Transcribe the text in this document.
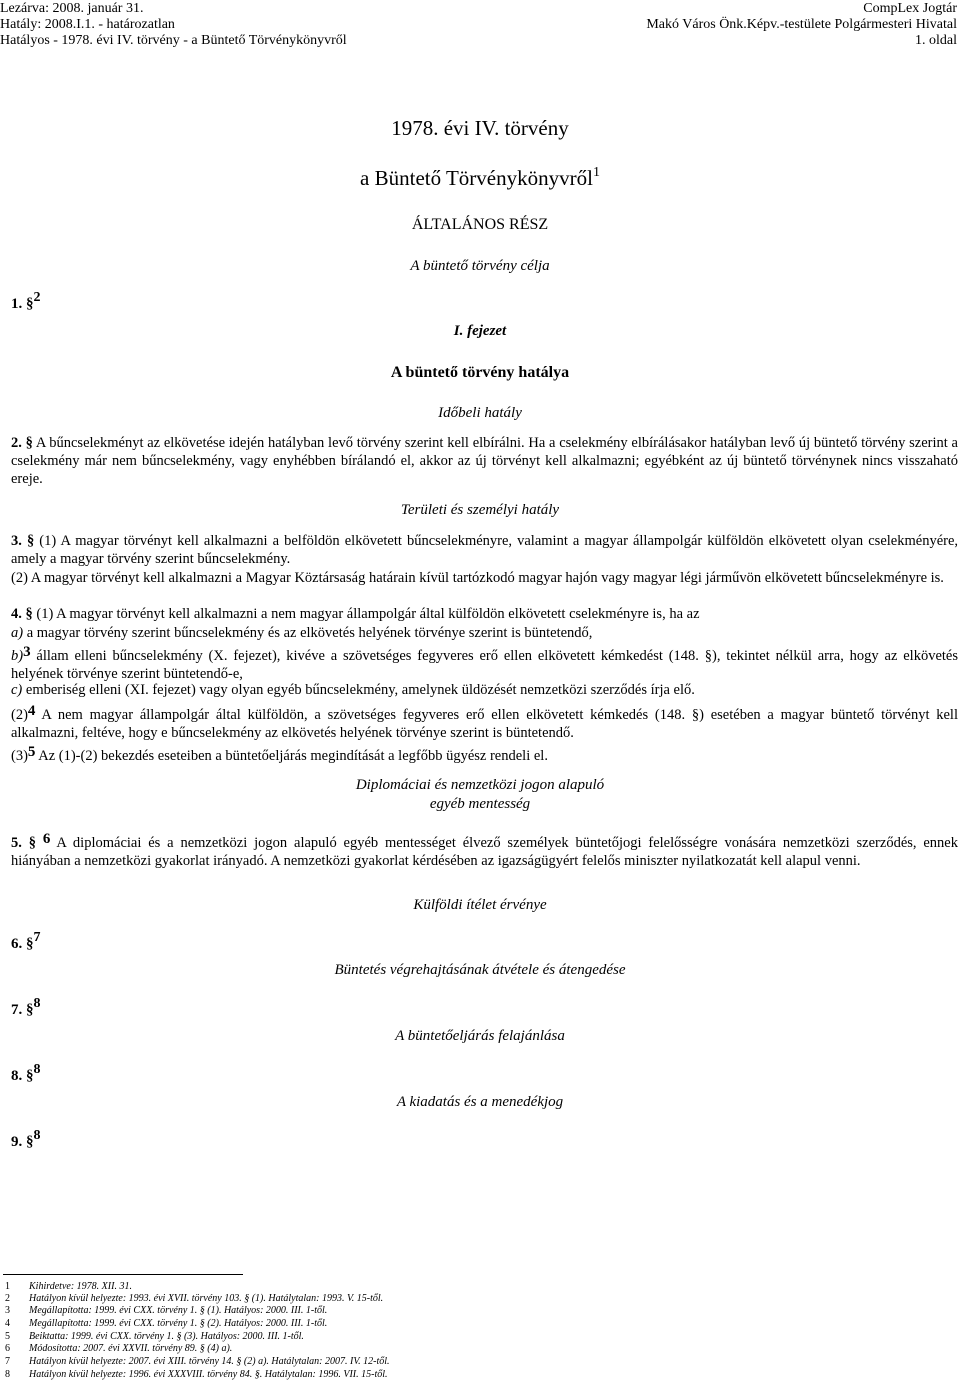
Lezárva: 2008. január 31.
Hatály: 2008.I.1. - határozatlan
Hatályos - 1978. évi IV. törvény - a Büntető Törvénykönyvről
CompLex Jogtár
Makó Város Önk.Képv.-testülete Polgármesteri Hivatal
1. oldal
1978. évi IV. törvény
a Büntető Törvénykönyvről$^1$
ÁLTALÁNOS RÉSZ
A büntető törvény célja
1. §$^2$
I. fejezet
A büntető törvény hatálya
Időbeli hatály
2. § A bűncselekményt az elkövetése idején hatályban levő törvény szerint kell elbírálni. Ha a cselekmény elbírálásakor hatályban levő új büntető törvény szerint a cselekmény már nem bűncselekmény, vagy enyhébben bírálandó el, akkor az új törvényt kell alkalmazni; egyébként az új büntető törvénynek nincs visszaható ereje.
Területi és személyi hatály
3. § (1) A magyar törvényt kell alkalmazni a belföldön elkövetett bűncselekményre, valamint a magyar állampolgár külföldön elkövetett olyan cselekményére, amely a magyar törvény szerint bűncselekmény.
(2) A magyar törvényt kell alkalmazni a Magyar Köztársaság határain kívül tartózkodó magyar hajón vagy magyar légi járművön elkövetett bűncselekményre is.
4. § (1) A magyar törvényt kell alkalmazni a nem magyar állampolgár által külföldön elkövetett cselekményre is, ha az
a) a magyar törvény szerint bűncselekmény és az elkövetés helyének törvénye szerint is büntetendő,
b)$^3$ állam elleni bűncselekmény (X. fejezet), kivéve a szövetséges fegyveres erő ellen elkövetett kémkedést (148. §), tekintet nélkül arra, hogy az elkövetés helyének törvénye szerint büntetendő-e,
c) emberiség elleni (XI. fejezet) vagy olyan egyéb bűncselekmény, amelynek üldözését nemzetközi szerződés írja elő.
$(2)^4$ A nem magyar állampolgár által külföldön, a szövetséges fegyveres erő ellen elkövetett kémkedés (148. §) esetében a magyar büntető törvényt kell alkalmazni, feltéve, hogy e bűncselekmény az elkövetés helyének törvénye szerint is büntetendő.
$(3)^5$ Az (1)-(2) bekezdés eseteiben a büntetőeljárás megindítását a legfőbb ügyész rendeli el.
Diplomáciai és nemzetközi jogon alapuló
egyéb mentesség
5. § $^6$ A diplomáciai és a nemzetközi jogon alapuló egyéb mentességet élvező személyek büntetőjogi felelősségre vonására nemzetközi szerződés, ennek hiányában a nemzetközi gyakorlat irányadó. A nemzetközi gyakorlat kérdésében az igazságügyért felelős miniszter nyilatkozatát kell alapul venni.
Külföldi ítélet érvénye
6. §$^7$
Büntetés végrehajtásának átvétele és átengedése
7. §$^8$
A büntetőeljárás felajánlása
8. §$^8$
A kiadatás és a menedékjog
9. §$^8$
1 Kihirdetve: 1978. XII. 31.
2 Hatályon kívül helyezte: 1993. évi XVII. törvény 103. § (1). Hatálytalan: 1993. V. 15-től.
3 Megállapította: 1999. évi CXX. törvény 1. § (1). Hatályos: 2000. III. 1-től.
4 Megállapította: 1999. évi CXX. törvény 1. § (2). Hatályos: 2000. III. 1-től.
5 Beiktatta: 1999. évi CXX. törvény 1. § (3). Hatályos: 2000. III. 1-től.
6 Módosította: 2007. évi XXVII. törvény 89. § (4) a).
7 Hatályon kívül helyezte: 2007. évi XIII. törvény 14. § (2) a). Hatálytalan: 2007. IV. 12-től.
8 Hatályon kívül helyezte: 1996. évi XXXVIII. törvény 84. §. Hatálytalan: 1996. VII. 15-től.
